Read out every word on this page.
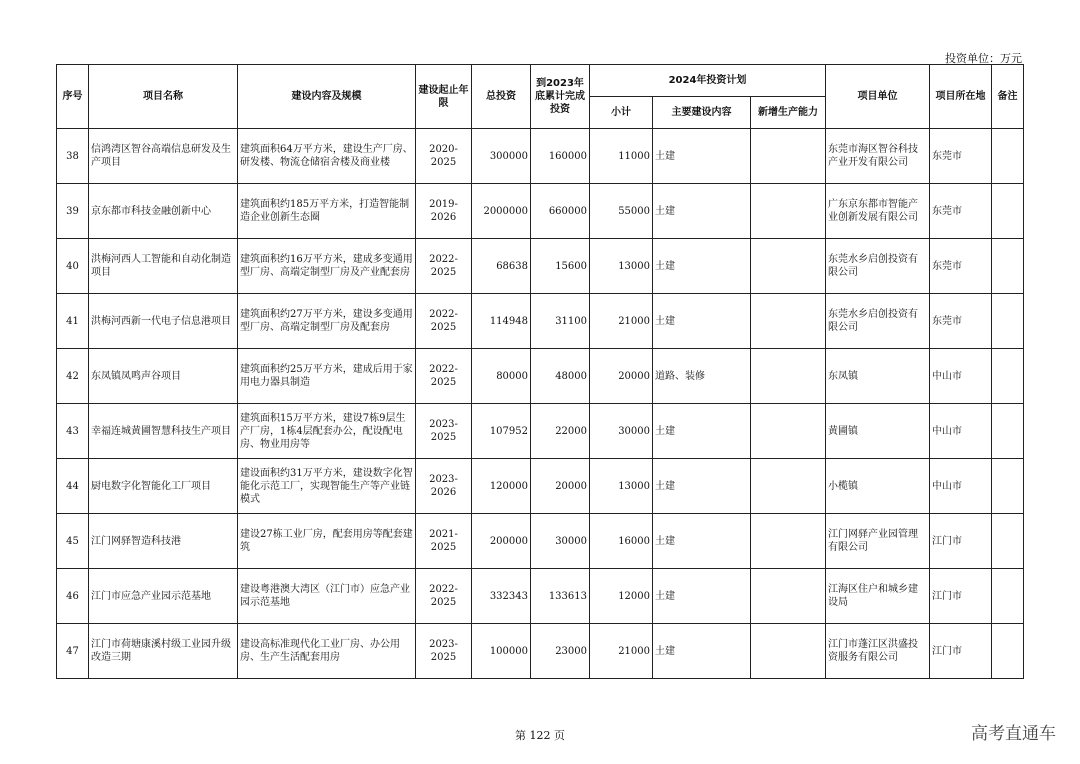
投资单位：万元
序号	项目名称	建设内容及规模	建设起止年限	总投资	到2023年底累计完成投资	2024年投资计划			项目单位	项目所在地	备注
						小计	主要建设内容	新增生产能力			
38	信鸿湾区智谷高端信息研发及生产项目	建筑面积64万平方米，建设生产厂房、研发楼、物流仓储宿舍楼及商业楼	2020-2025	300000	160000	11000	土建		东莞市海区智谷科技产业开发有限公司	东莞市	
39	京东都市科技金融创新中心	建筑面积约185万平方米，打造智能制造企业创新生态圈	2019-2026	2000000	660000	55000	土建		广东京东都市智能产业创新发展有限公司	东莞市	
40	洪梅河西人工智能和自动化制造项目	建筑面积约16万平方米，建成多变通用型厂房、高端定制型厂房及产业配套房	2022-2025	68638	15600	13000	土建		东莞水乡启创投资有限公司	东莞市	
41	洪梅河西新一代电子信息港项目	建筑面积约27万平方米，建设多变通用型厂房、高端定制型厂房及配套房	2022-2025	114948	31100	21000	土建		东莞水乡启创投资有限公司	东莞市	
42	东凤镇凤鸣声谷项目	建筑面积约25万平方米，建成后用于家用电力器具制造	2022-2025	80000	48000	20000	道路、装修		东凤镇	中山市	
43	幸福连城黄圃智慧科技生产项目	建筑面积15万平方米，建设7栋9层生产厂房，1栋4层配套办公，配设配电房、物业用房等	2023-2025	107952	22000	30000	土建		黄圃镇	中山市	
44	厨电数字化智能化工厂项目	建设面积约31万平方米，建设数字化智能化示范工厂，实现智能生产等产业链模式	2023-2026	120000	20000	13000	土建		小榄镇	中山市	
45	江门网驿智造科技港	建设27栋工业厂房，配套用房等配套建筑	2021-2025	200000	30000	16000	土建		江门网驿产业园管理有限公司	江门市	
46	江门市应急产业园示范基地	建设粤港澳大湾区（江门市）应急产业园示范基地	2022-2025	332343	133613	12000	土建		江海区住户和城乡建设局	江门市	
47	江门市荷塘康溪村级工业园升级改造三期	建设高标准现代化工业厂房、办公用房、生产生活配套用房	2023-2025	100000	23000	21000	土建		江门市蓬江区洪盛投资服务有限公司	江门市	
第 122 页	高考直通车
